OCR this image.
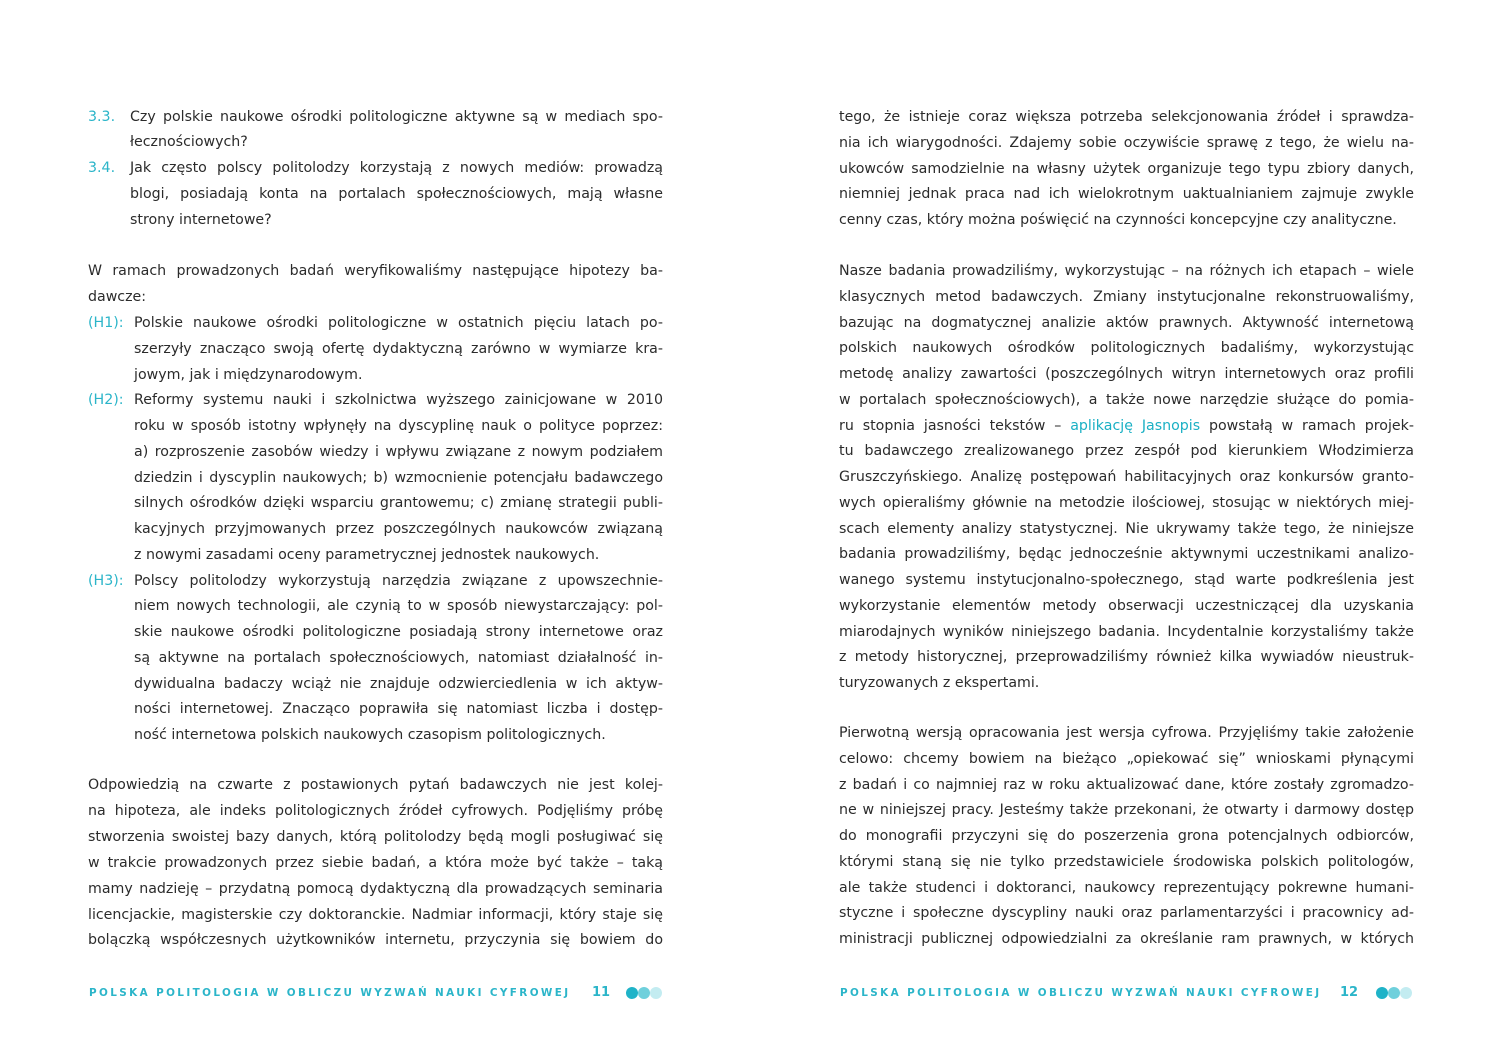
3.3.	Czy polskie naukowe ośrodki politologiczne aktywne są w mediach spo-
łecznościowych?
3.4.	Jak często polscy politolodzy korzystają z nowych mediów: prowadzą
blogi, posiadają konta na portalach społecznościowych, mają własne
strony internetowe?
W ramach prowadzonych badań weryfikowaliśmy następujące hipotezy ba-
dawcze:
(H1): Polskie naukowe ośrodki politologiczne w ostatnich pięciu latach po-
szerzyły znacząco swoją ofertę dydaktyczną zarówno w wymiarze kra-
jowym, jak i międzynarodowym.
(H2): Reformy systemu nauki i szkolnictwa wyższego zainicjowane w 2010
roku w sposób istotny wpłynęły na dyscyplinę nauk o polityce poprzez:
a) rozproszenie zasobów wiedzy i wpływu związane z nowym podziałem
dziedzin i dyscyplin naukowych; b) wzmocnienie potencjału badawczego
silnych ośrodków dzięki wsparciu grantowemu; c) zmianę strategii publi-
kacyjnych przyjmowanych przez poszczególnych naukowców związaną
z nowymi zasadami oceny parametrycznej jednostek naukowych.
(H3): Polscy politolodzy wykorzystują narzędzia związane z upowszechnie-
niem nowych technologii, ale czynią to w sposób niewystarczający: pol-
skie naukowe ośrodki politologiczne posiadają strony internetowe oraz
są aktywne na portalach społecznościowych, natomiast działalność in-
dywidualna badaczy wciąż nie znajduje odzwierciedlenia w ich aktyw-
ności internetowej. Znacząco poprawiła się natomiast liczba i dostęp-
ność internetowa polskich naukowych czasopism politologicznych.
Odpowiedzią na czwarte z postawionych pytań badawczych nie jest kolej-
na hipoteza, ale indeks politologicznych źródeł cyfrowych. Podjęliśmy próbę
stworzenia swoistej bazy danych, którą politolodzy będą mogli posługiwać się
w trakcie prowadzonych przez siebie badań, a która może być także – taką
mamy nadzieję – przydatną pomocą dydaktyczną dla prowadzących seminaria
licencjackie, magisterskie czy doktoranckie. Nadmiar informacji, który staje się
bolączką współczesnych użytkowników internetu, przyczynia się bowiem do
tego, że istnieje coraz większa potrzeba selekcjonowania źródeł i sprawdza-
nia ich wiarygodności. Zdajemy sobie oczywiście sprawę z tego, że wielu na-
ukowców samodzielnie na własny użytek organizuje tego typu zbiory danych,
niemniej jednak praca nad ich wielokrotnym uaktualnianiem zajmuje zwykle
cenny czas, który można poświęcić na czynności koncepcyjne czy analityczne.
Nasze badania prowadziliśmy, wykorzystując – na różnych ich etapach – wiele
klasycznych metod badawczych. Zmiany instytucjonalne rekonstruowaliśmy,
bazując na dogmatycznej analizie aktów prawnych. Aktywność internetową
polskich naukowych ośrodków politologicznych badaliśmy, wykorzystując
metodę analizy zawartości (poszczególnych witryn internetowych oraz profili
w portalach społecznościowych), a także nowe narzędzie służące do pomia-
ru stopnia jasności tekstów – aplikację Jasnopis powstałą w ramach projek-
tu badawczego zrealizowanego przez zespół pod kierunkiem Włodzimierza
Gruszczyńskiego. Analizę postępowań habilitacyjnych oraz konkursów granto-
wych opieraliśmy głównie na metodzie ilościowej, stosując w niektórych miej-
scach elementy analizy statystycznej. Nie ukrywamy także tego, że niniejsze
badania prowadziliśmy, będąc jednocześnie aktywnymi uczestnikami analizo-
wanego systemu instytucjonalno-społecznego, stąd warte podkreślenia jest
wykorzystanie elementów metody obserwacji uczestniczącej dla uzyskania
miarodajnych wyników niniejszego badania. Incydentalnie korzystaliśmy także
z metody historycznej, przeprowadziliśmy również kilka wywiadów nieustruk-
turyzowanych z ekspertami.
Pierwotną wersją opracowania jest wersja cyfrowa. Przyjęliśmy takie założenie
celowo: chcemy bowiem na bieżąco „opiekować się” wnioskami płynącymi
z badań i co najmniej raz w roku aktualizować dane, które zostały zgromadzo-
ne w niniejszej pracy. Jesteśmy także przekonani, że otwarty i darmowy dostęp
do monografii przyczyni się do poszerzenia grona potencjalnych odbiorców,
którymi staną się nie tylko przedstawiciele środowiska polskich politologów,
ale także studenci i doktoranci, naukowcy reprezentujący pokrewne humani-
styczne i społeczne dyscypliny nauki oraz parlamentarzyści i pracownicy ad-
ministracji publicznej odpowiedzialni za określanie ram prawnych, w których
POLSKA POLITOLOGIA W OBLICZU WYZWAŃ NAUKI CYFROWEJ 11	POLSKA POLITOLOGIA W OBLICZU WYZWAŃ NAUKI CYFROWEJ 12
